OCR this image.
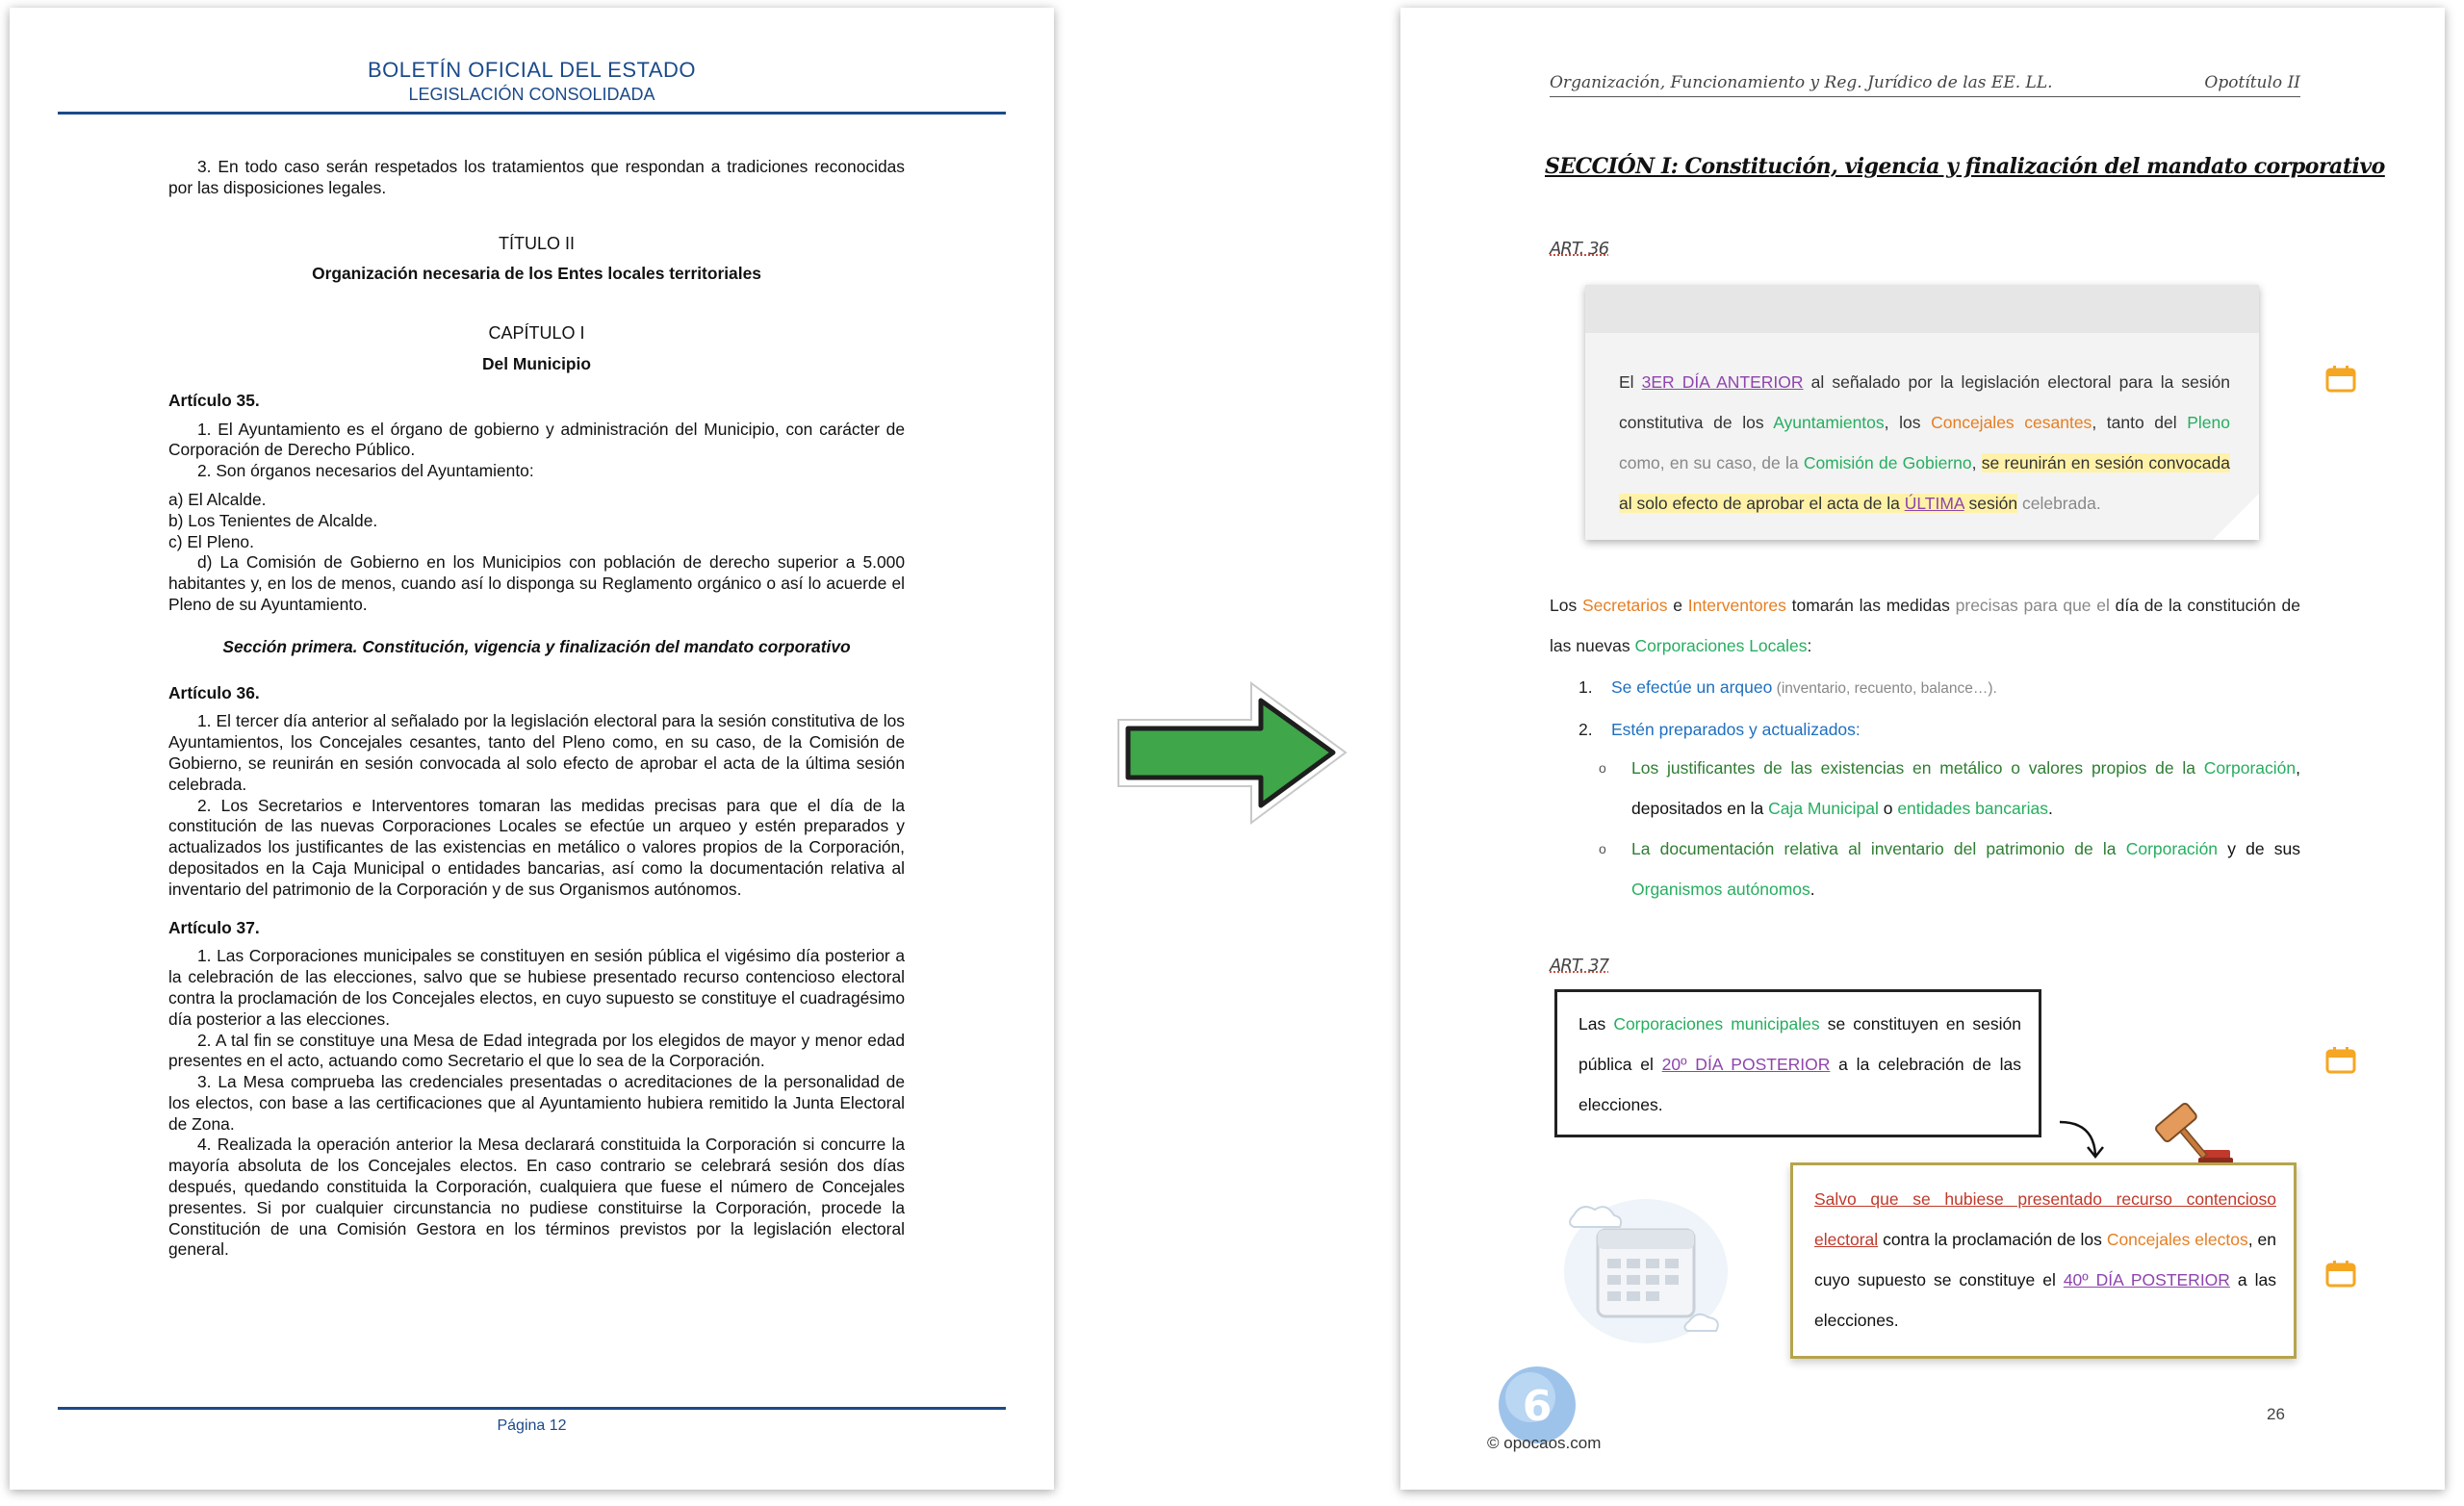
BOLETÍN OFICIAL DEL ESTADO
LEGISLACIÓN CONSOLIDADA

3. En todo caso serán respetados los tratamientos que respondan a tradiciones reconocidas por las disposiciones legales.

TÍTULO II

Organización necesaria de los Entes locales territoriales

CAPÍTULO I

Del Municipio

Artículo 35.

1. El Ayuntamiento es el órgano de gobierno y administración del Municipio, con carácter de Corporación de Derecho Público.

2. Son órganos necesarios del Ayuntamiento:

a) El Alcalde.

b) Los Tenientes de Alcalde.

c) El Pleno.

d) La Comisión de Gobierno en los Municipios con población de derecho superior a 5.000 habitantes y, en los de menos, cuando así lo disponga su Reglamento orgánico o así lo acuerde el Pleno de su Ayuntamiento.

Sección primera. Constitución, vigencia y finalización del mandato corporativo

Artículo 36.

1. El tercer día anterior al señalado por la legislación electoral para la sesión constitutiva de los Ayuntamientos, los Concejales cesantes, tanto del Pleno como, en su caso, de la Comisión de Gobierno, se reunirán en sesión convocada al solo efecto de aprobar el acta de la última sesión celebrada.

2. Los Secretarios e Interventores tomaran las medidas precisas para que el día de la constitución de las nuevas Corporaciones Locales se efectúe un arqueo y estén preparados y actualizados los justificantes de las existencias en metálico o valores propios de la Corporación, depositados en la Caja Municipal o entidades bancarias, así como la documentación relativa al inventario del patrimonio de la Corporación y de sus Organismos autónomos.

Artículo 37.

1. Las Corporaciones municipales se constituyen en sesión pública el vigésimo día posterior a la celebración de las elecciones, salvo que se hubiese presentado recurso contencioso electoral contra la proclamación de los Concejales electos, en cuyo supuesto se constituye el cuadragésimo día posterior a las elecciones.

2. A tal fin se constituye una Mesa de Edad integrada por los elegidos de mayor y menor edad presentes en el acto, actuando como Secretario el que lo sea de la Corporación.

3. La Mesa comprueba las credenciales presentadas o acreditaciones de la personalidad de los electos, con base a las certificaciones que al Ayuntamiento hubiera remitido la Junta Electoral de Zona.

4. Realizada la operación anterior la Mesa declarará constituida la Corporación si concurre la mayoría absoluta de los Concejales electos. En caso contrario se celebrará sesión dos días después, quedando constituida la Corporación, cualquiera que fuese el número de Concejales presentes. Si por cualquier circunstancia no pudiese constituirse la Corporación, procede la Constitución de una Comisión Gestora en los términos previstos por la legislación electoral general.

Página 12
Organización, Funcionamiento y Reg. Jurídico de las EE. LL.	Opotítulo II
SECCIÓN I: Constitución, vigencia y finalización del mandato corporativo
ART. 36
El 3ER DÍA ANTERIOR al señalado por la legislación electoral para la sesión constitutiva de los Ayuntamientos, los Concejales cesantes, tanto del Pleno como, en su caso, de la Comisión de Gobierno, se reunirán en sesión convocada al solo efecto de aprobar el acta de la ÚLTIMA sesión celebrada.
Los Secretarios e Interventores tomarán las medidas precisas para que el día de la constitución de las nuevas Corporaciones Locales:
1. Se efectúe un arqueo (inventario, recuento, balance…).
2. Estén preparados y actualizados:
o Los justificantes de las existencias en metálico o valores propios de la Corporación, depositados en la Caja Municipal o entidades bancarias.
o La documentación relativa al inventario del patrimonio de la Corporación y de sus Organismos autónomos.
ART. 37
Las Corporaciones municipales se constituyen en sesión pública el 20º DÍA POSTERIOR a la celebración de las elecciones.
Salvo que se hubiese presentado recurso contencioso electoral contra la proclamación de los Concejales electos, en cuyo supuesto se constituye el 40º DÍA POSTERIOR a las elecciones.
26
6
© opocaos.com
